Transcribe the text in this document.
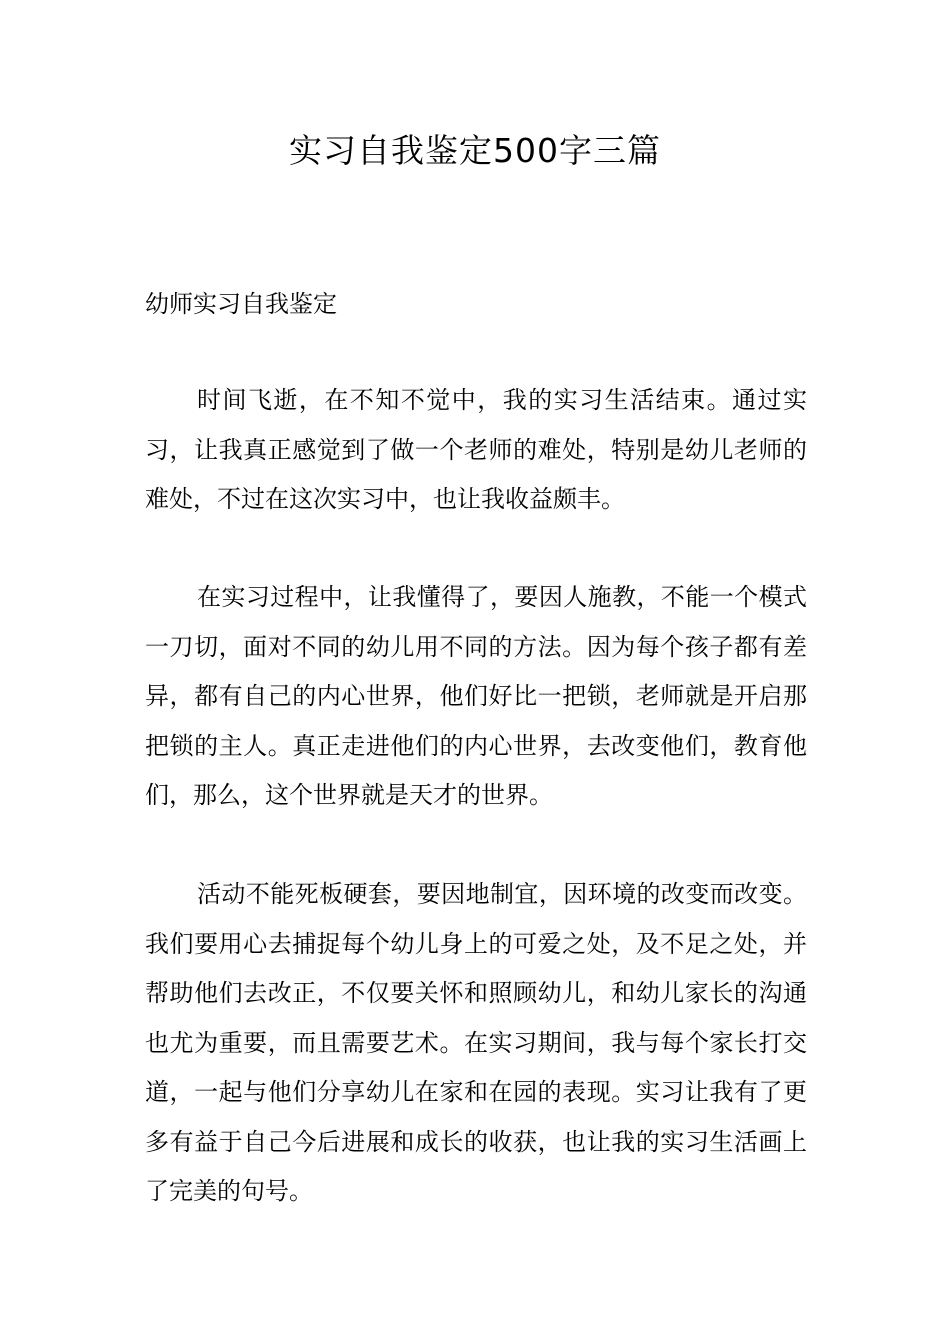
实习自我鉴定500字三篇

幼师实习自我鉴定

时间飞逝，在不知不觉中，我的实习生活结束。通过实习，让我真正感觉到了做一个老师的难处，特别是幼儿老师的难处，不过在这次实习中，也让我收益颇丰。

在实习过程中，让我懂得了，要因人施教，不能一个模式一刀切，面对不同的幼儿用不同的方法。因为每个孩子都有差异，都有自己的内心世界，他们好比一把锁，老师就是开启那把锁的主人。真正走进他们的内心世界，去改变他们，教育他们，那么，这个世界就是天才的世界。

活动不能死板硬套，要因地制宜，因环境的改变而改变。我们要用心去捕捉每个幼儿身上的可爱之处，及不足之处，并帮助他们去改正，不仅要关怀和照顾幼儿，和幼儿家长的沟通也尤为重要，而且需要艺术。在实习期间，我与每个家长打交道，一起与他们分享幼儿在家和在园的表现。实习让我有了更多有益于自己今后进展和成长的收获，也让我的实习生活画上了完美的句号。
